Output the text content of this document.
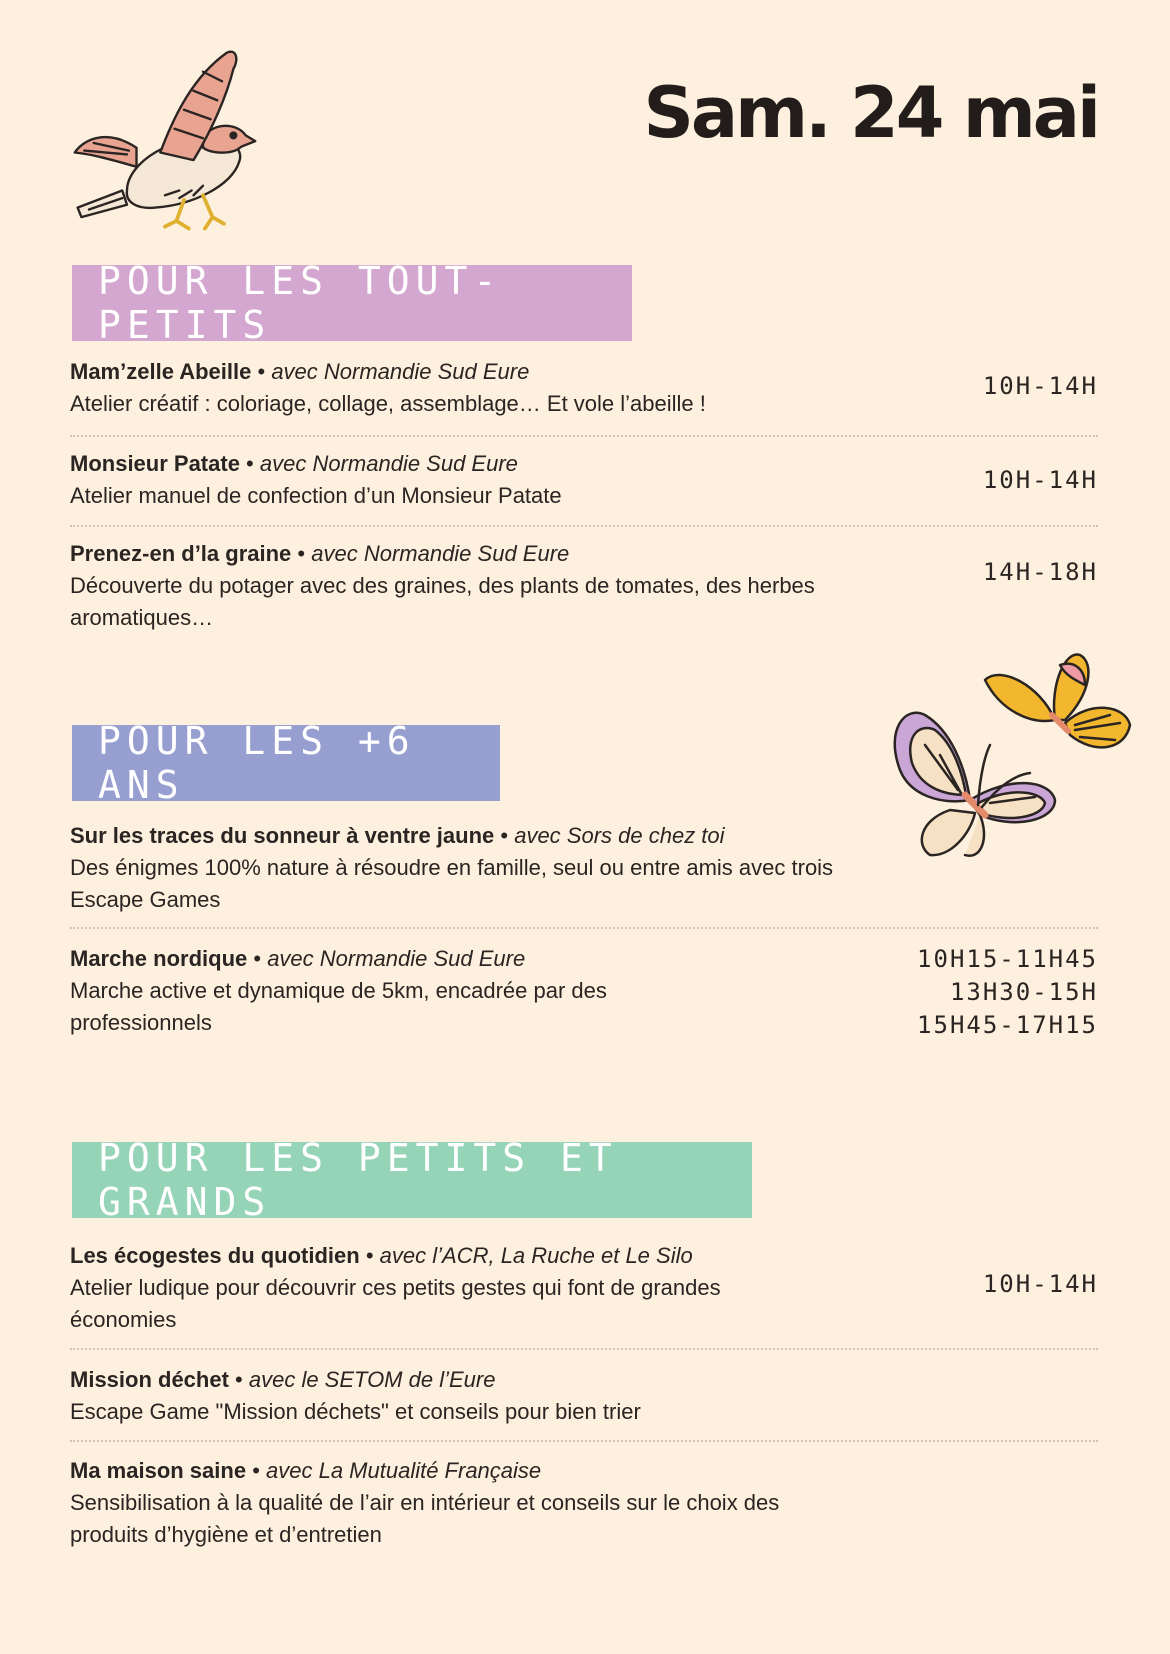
Sam. 24 mai
POUR LES TOUT-PETITS
Mam’zelle Abeille • avec Normandie Sud Eure
Atelier créatif : coloriage, collage, assemblage… Et vole l’abeille !
10H-14H
Monsieur Patate • avec Normandie Sud Eure
Atelier manuel de confection d’un Monsieur Patate
10H-14H
Prenez-en d’la graine • avec Normandie Sud Eure
Découverte du potager avec des graines, des plants de tomates, des herbes aromatiques…
14H-18H
POUR LES +6 ANS
Sur les traces du sonneur à ventre jaune • avec Sors de chez toi
Des énigmes 100% nature à résoudre en famille, seul ou entre amis avec trois Escape Games
Marche nordique • avec Normandie Sud Eure
Marche active et dynamique de 5km, encadrée par des professionnels
10H15-11H45
13H30-15H
15H45-17H15
POUR LES PETITS ET GRANDS
Les écogestes du quotidien • avec l’ACR, La Ruche et Le Silo
Atelier ludique pour découvrir ces petits gestes qui font de grandes économies
10H-14H
Mission déchet • avec le SETOM de l’Eure
Escape Game "Mission déchets" et conseils pour bien trier
Ma maison saine • avec La Mutualité Française
Sensibilisation à la qualité de l’air en intérieur et conseils sur le choix des produits d’hygiène et d’entretien
